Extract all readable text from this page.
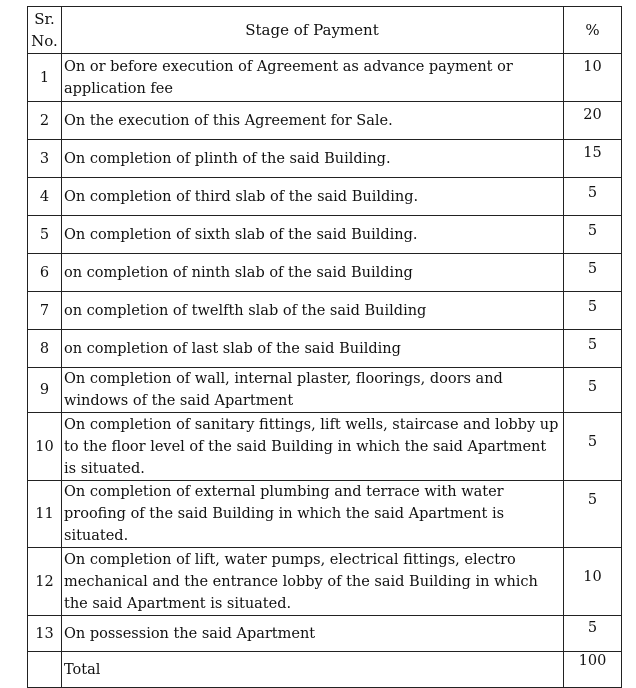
Sr.
No.	Stage of Payment	%
1	On or before execution of Agreement as advance payment or application fee	10

2	On the execution of this Agreement for Sale.	20

3	On completion of plinth of the said Building.	15

4	On completion of third slab of the said Building.	5

5	On completion of sixth slab of the said Building.	5

6	on completion of ninth slab of the said Building	5

7	on completion of twelfth slab of the said Building	5

8	on completion of last slab of the said Building	5

9	On completion of wall, internal plaster, floorings, doors and windows of the said Apartment	5

10	On completion of sanitary fittings, lift wells, staircase and lobby up to the floor level of the said Building in which the said Apartment is situated.	5

11	On completion of external plumbing and terrace with water proofing of the said Building in which the said Apartment is situated.	5

12	On completion of lift, water pumps, electrical fittings, electro mechanical and the entrance lobby of the said Building in which the said Apartment is situated.	10

13	On possession the said Apartment	5

	Total	100
